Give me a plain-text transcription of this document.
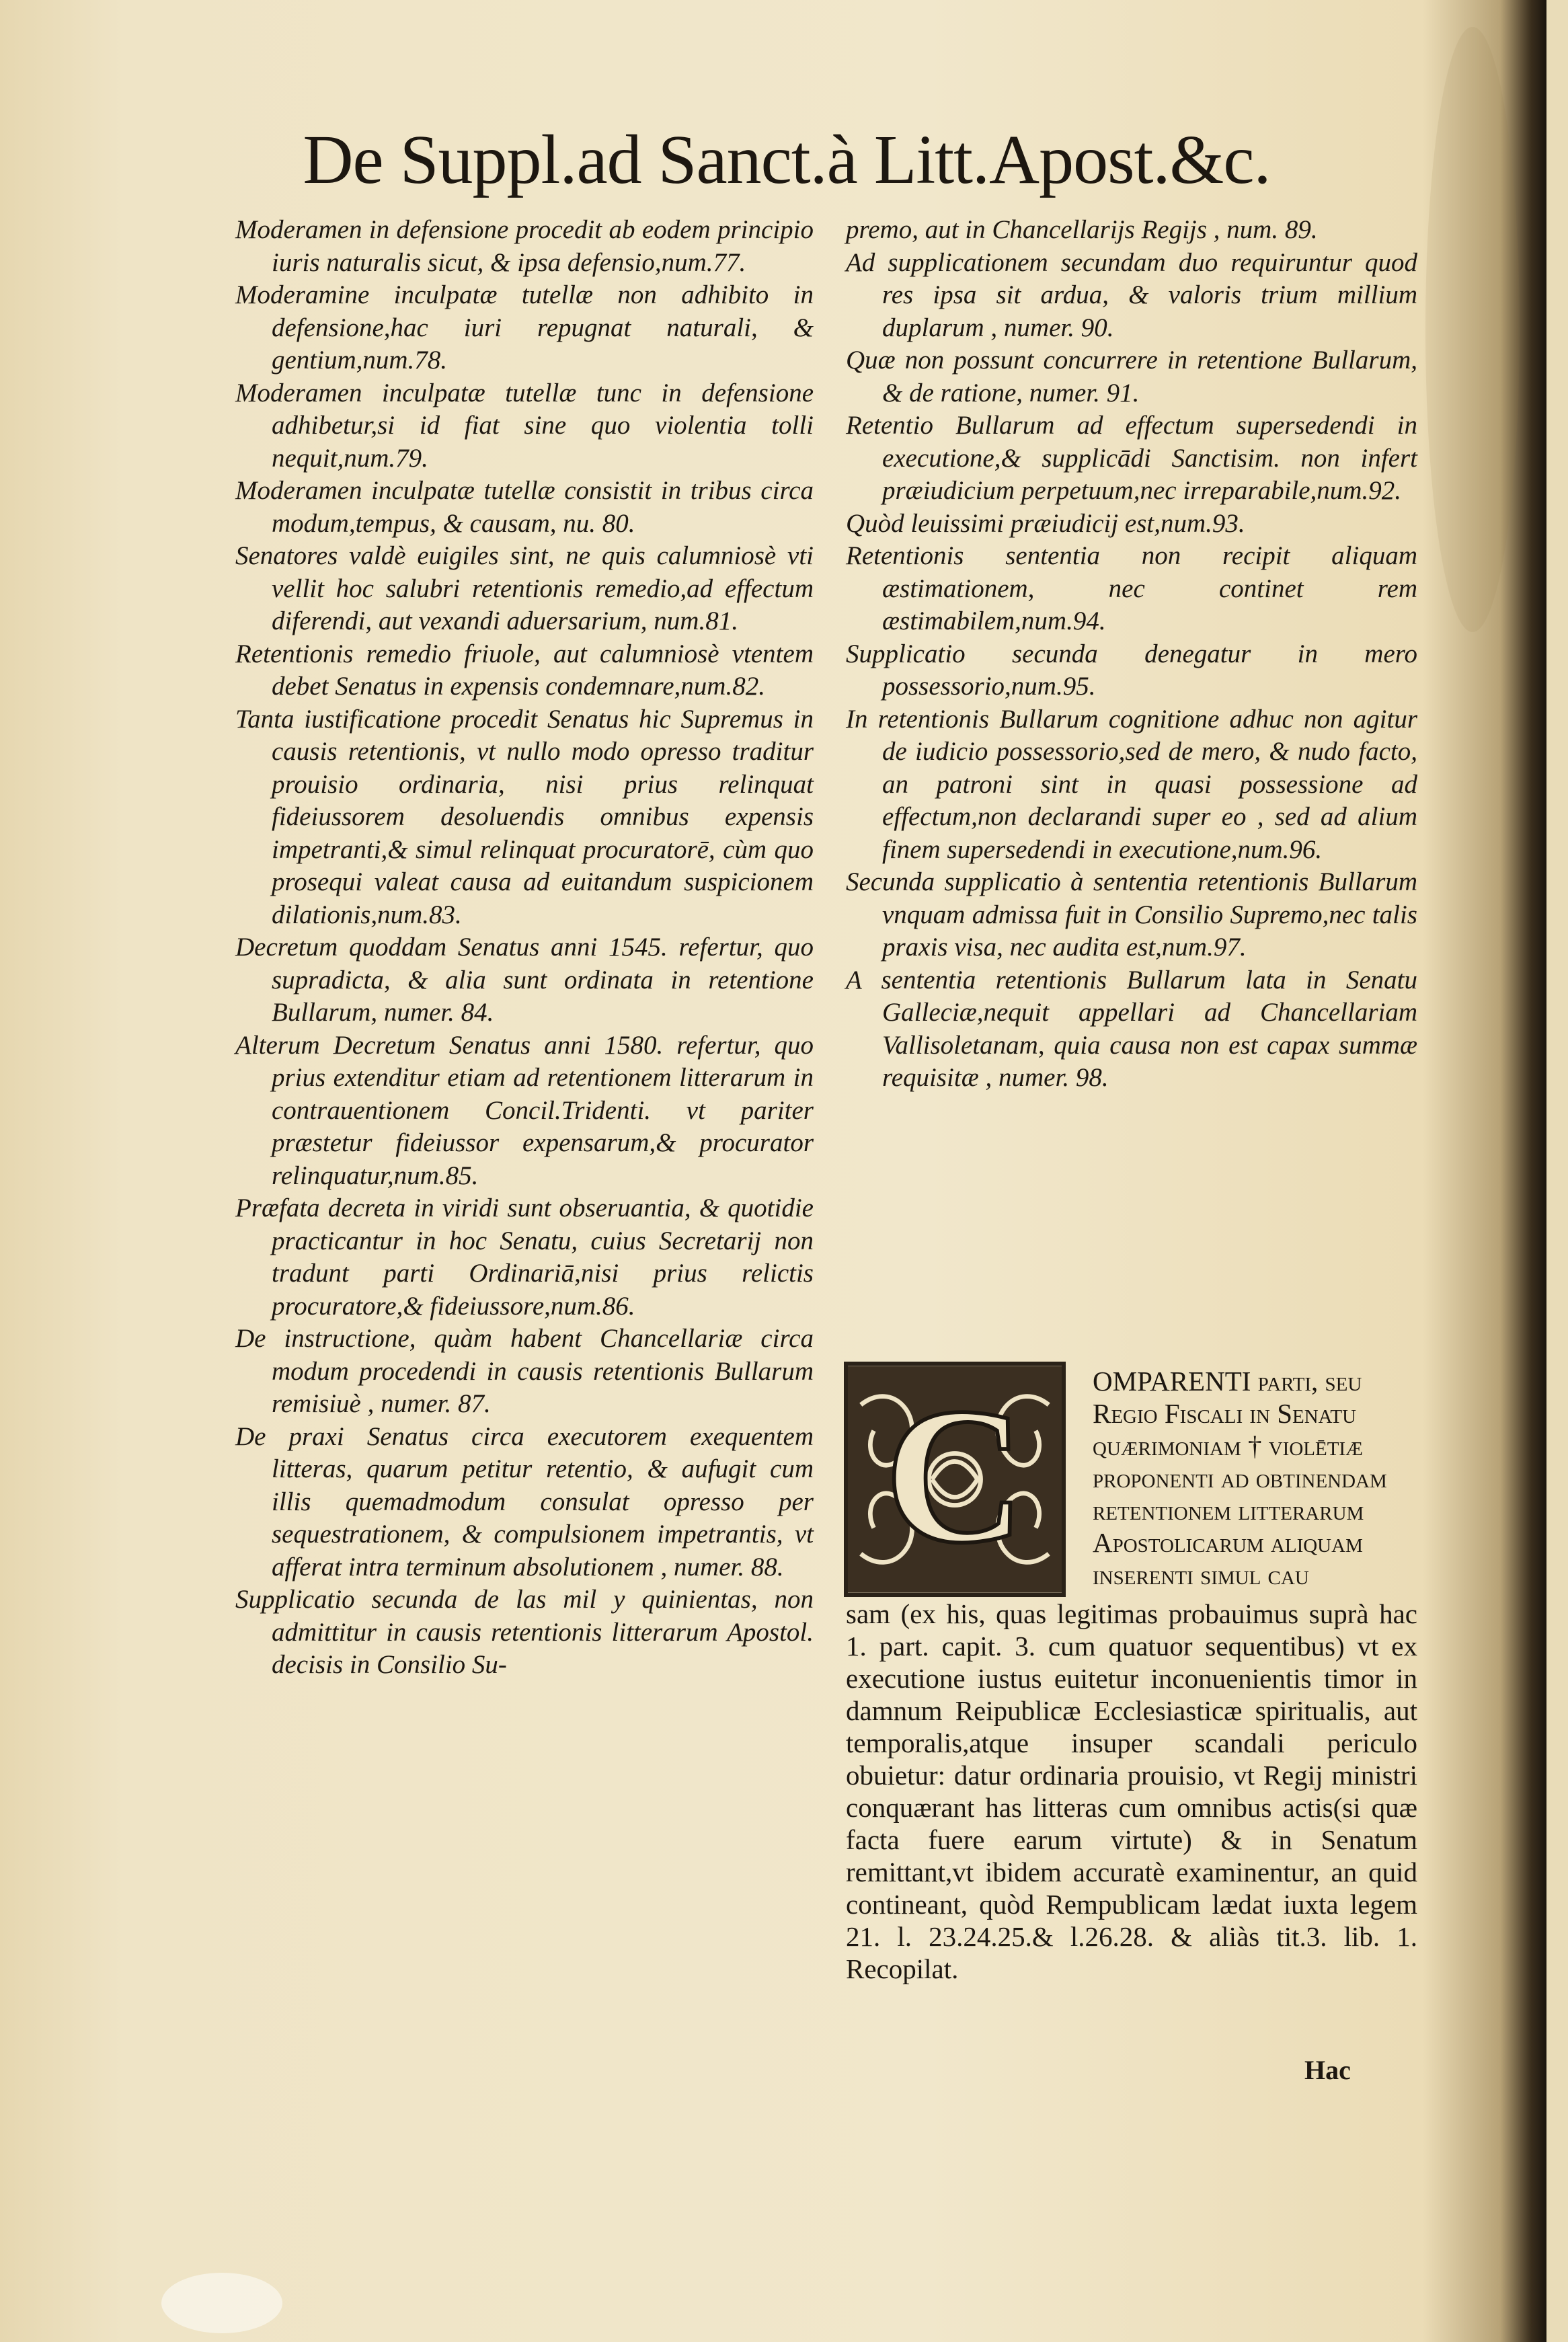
De Suppl.ad Sanct.à Litt.Apost.&c.

Moderamen in defensione procedit ab eodem principio iuris naturalis sicut, & ipsa defensio,num.77.

Moderamine inculpatæ tutellæ non adhibito in defensione,hac iuri repugnat naturali, & gentium,num.78.

Moderamen inculpatæ tutellæ tunc in defensione adhibetur,si id fiat sine quo violentia tolli nequit,num.79.

Moderamen inculpatæ tutellæ consistit in tribus circa modum,tempus, & causam, nu. 80.

Senatores valdè euigiles sint, ne quis calumniosè vti vellit hoc salubri retentionis remedio,ad effectum diferendi, aut vexandi aduersarium, num.81.

Retentionis remedio friuole, aut calumniosè vtentem debet Senatus in expensis condemnare,num.82.

Tanta iustificatione procedit Senatus hic Supremus in causis retentionis, vt nullo modo opresso traditur prouisio ordinaria, nisi prius relinquat fideiussorem desoluendis omnibus expensis impetranti,& simul relinquat procuratorē, cùm quo prosequi valeat causa ad euitandum suspicionem dilationis,num.83.

Decretum quoddam Senatus anni 1545. refertur, quo supradicta, & alia sunt ordinata in retentione Bullarum, numer. 84.

Alterum Decretum Senatus anni 1580. refertur, quo prius extenditur etiam ad retentionem litterarum in contrauentionem Concil.Tridenti. vt pariter præstetur fideiussor expensarum,& procurator relinquatur,num.85.

Præfata decreta in viridi sunt obseruantia, & quotidie practicantur in hoc Senatu, cuius Secretarij non tradunt parti Ordinariā,nisi prius relictis procuratore,& fideiussore,num.86.

De instructione, quàm habent Chancellariæ circa modum procedendi in causis retentionis Bullarum remisiuè , numer. 87.

De praxi Senatus circa executorem exequentem litteras, quarum petitur retentio, & aufugit cum illis quemadmodum consulat opresso per sequestrationem, & compulsionem impetrantis, vt afferat intra terminum absolutionem , numer. 88.

Supplicatio secunda de las mil y quinientas, non admittitur in causis retentionis litterarum Apostol. decisis in Consilio Su-

premo, aut in Chancellarijs Regijs , num. 89.

Ad supplicationem secundam duo requiruntur quod res ipsa sit ardua, & valoris trium millium duplarum , numer. 90.

Quæ non possunt concurrere in retentione Bullarum, & de ratione, numer. 91.

Retentio Bullarum ad effectum supersedendi in executione,& supplicādi Sanctisim. non infert præiudicium perpetuum,nec irreparabile,num.92.

Quòd leuissimi præiudicij est,num.93.

Retentionis sententia non recipit aliquam æstimationem, nec continet rem æstimabilem,num.94.

Supplicatio secunda denegatur in mero possessorio,num.95.

In retentionis Bullarum cognitione adhuc non agitur de iudicio possessorio,sed de mero, & nudo facto, an patroni sint in quasi possessione ad effectum,non declarandi super eo , sed ad alium finem supersedendi in executione,num.96.

Secunda supplicatio à sententia retentionis Bullarum vnquam admissa fuit in Consilio Supremo,nec talis praxis visa, nec audita est,num.97.

A sententia retentionis Bullarum lata in Senatu Galleciæ,nequit appellari ad Chancellariam Vallisoletanam, quia causa non est capax summæ requisitæ , numer. 98.

C OMPARENTI parti, seu Regio Fiscali in Senatu quærimoniam † violētiæ proponenti ad obtinendam retentionem litterarum Apostolicarum aliquam inserenti simul cau
sam (ex his, quas legitimas probauimus suprà hac 1. part. capit. 3. cum quatuor sequentibus) vt ex executione iustus euitetur inconuenientis timor in damnum Reipublicæ Ecclesiasticæ spiritualis, aut temporalis,atque insuper scandali periculo obuietur: datur ordinaria prouisio, vt Regij ministri conquærant has litteras cum omnibus actis(si quæ facta fuere earum virtute) & in Senatum remittant,vt ibidem accuratè examinentur, an quid contineant, quòd Rempublicam lædat iuxta legem 21. l. 23.24.25.& l.26.28. & aliàs tit.3. lib. 1. Recopilat.
Hac
